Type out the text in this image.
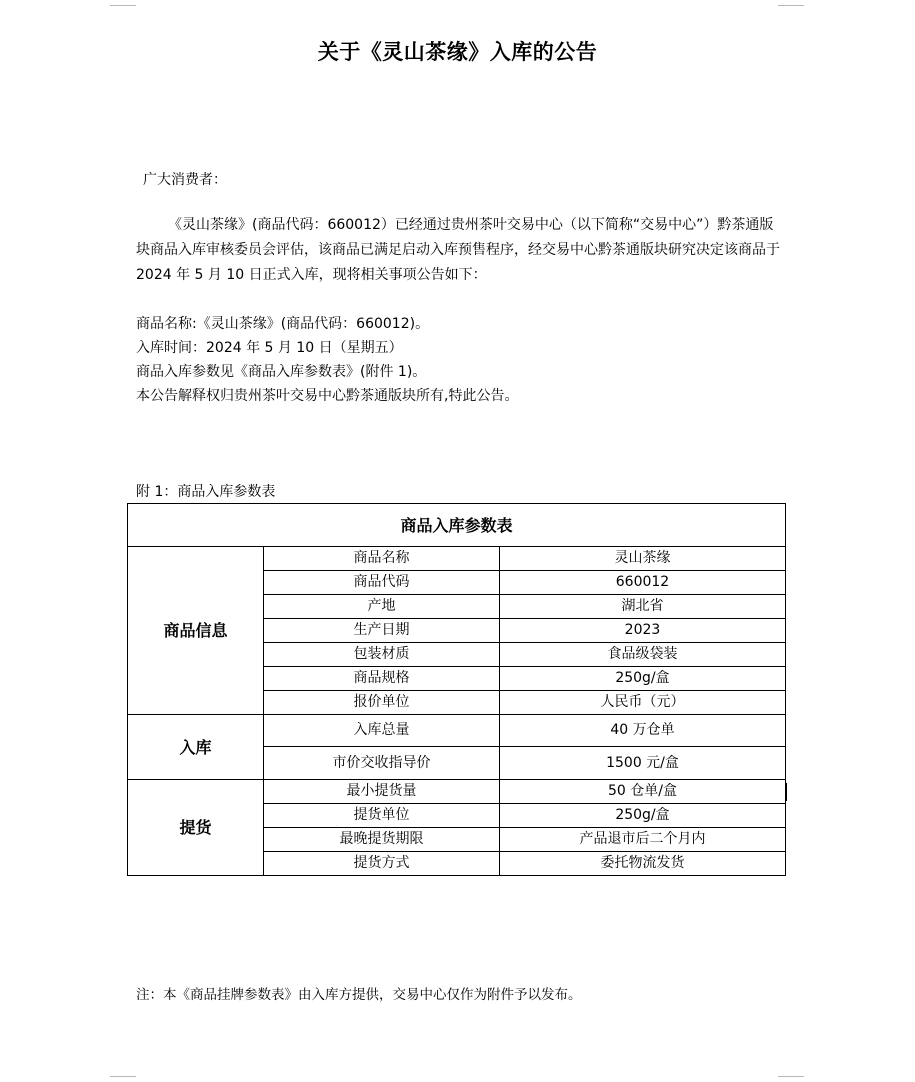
关于《灵山茶缘》入库的公告
广大消费者：
《灵山茶缘》(商品代码：660012）已经通过贵州茶叶交易中心（以下简称“交易中心”）黔茶通版块商品入库审核委员会评估，该商品已满足启动入库预售程序，经交易中心黔茶通版块研究决定该商品于 2024 年 5 月 10 日正式入库，现将相关事项公告如下：
商品名称:《灵山茶缘》(商品代码：660012)。
入库时间：2024 年 5 月 10 日（星期五）
商品入库参数见《商品入库参数表》(附件 1)。
本公告解释权归贵州茶叶交易中心黔茶通版块所有,特此公告。
附 1：商品入库参数表
商品入库参数表		
商品信息	商品名称	灵山茶缘
	商品代码	660012
	产地	湖北省
	生产日期	2023
	包装材质	食品级袋装
	商品规格	250g/盒
	报价单位	人民币（元）
入库	入库总量	40 万仓单
	市价交收指导价	1500 元/盒
提货	最小提货量	50 仓单/盒
	提货单位	250g/盒
	最晚提货期限	产品退市后二个月内
	提货方式	委托物流发货
注：本《商品挂牌参数表》由入库方提供，交易中心仅作为附件予以发布。
